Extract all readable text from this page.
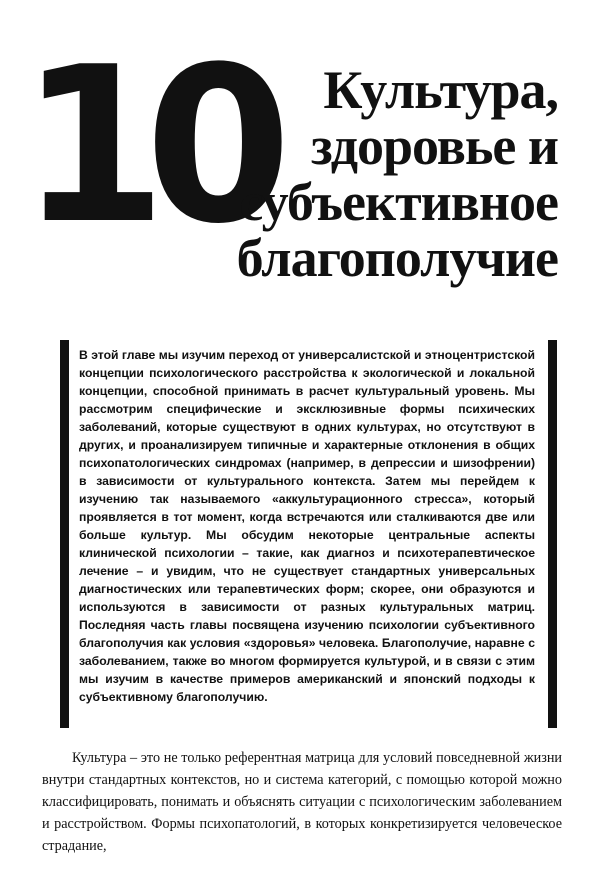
10 Культура,
здоровье и
субъективное
благополучие

В этой главе мы изучим переход от универсалистской и этноцентристской концепции психологического расстройства к экологической и локальной концепции, способной принимать в расчет культуральный уровень. Мы рассмотрим специфические и эксклюзивные формы психических заболеваний, которые существуют в одних культурах, но отсутствуют в других, и проанализируем типичные и характерные отклонения в общих психопатологических синдромах (например, в депрессии и шизофрении) в зависимости от культурального контекста. Затем мы перейдем к изучению так называемого «аккультурационного стресса», который проявляется в тот момент, когда встречаются или сталкиваются две или больше культур. Мы обсудим некоторые центральные аспекты клинической психологии – такие, как диагноз и психотерапевтическое лечение – и увидим, что не существует стандартных универсальных диагностических или терапевтических форм; скорее, они образуются и используются в зависимости от разных культуральных матриц. Последняя часть главы посвящена изучению психологии субъективного благополучия как условия «здоровья» человека. Благополучие, наравне с заболеванием, также во многом формируется культурой, и в связи с этим мы изучим в качестве примеров американский и японский подходы к субъективному благополучию.

Культура – это не только референтная матрица для условий повседневной жизни внутри стандартных контекстов, но и система категорий, с помощью которой можно классифицировать, понимать и объяснять ситуации с психологическим заболеванием и расстройством. Формы психопатологий, в которых конкретизируется человеческое страдание,
